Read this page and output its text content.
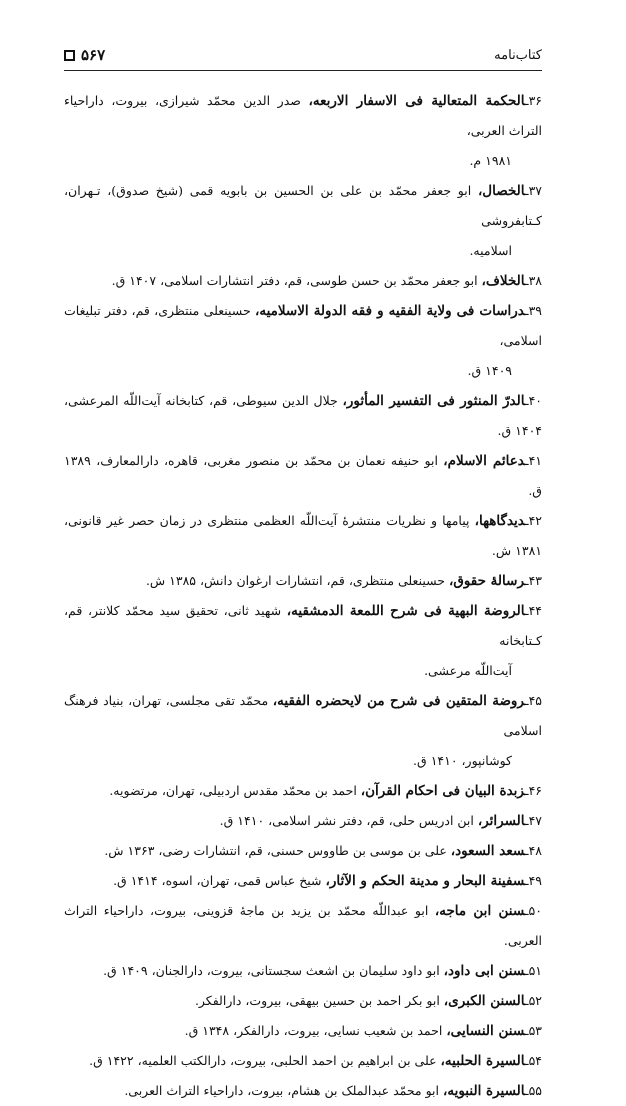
کتاب‌نامه
۵۶۷
۳۶ـالحکمة المتعالیة فی الاسفار الاربعه، صدر الدین محمّد شیرازی، بیروت، داراحیاء التراث العربی،
۱۹۸۱ م.
۳۷ـالخصال، ابو جعفر محمّد بن علی بن الحسین بن بابویه قمی (شیخ صدوق)، تـهران، کـتابفروشی
اسلامیه.
۳۸ـالخلاف، ابو جعفر محمّد بن حسن طوسی، قم، دفتر انتشارات اسلامی، ۱۴۰۷ ق.
۳۹ـدراسات فی ولایة الفقیه و فقه الدولة الاسلامیه، حسینعلی منتظری، قم، دفتر تبلیغات اسلامی،
۱۴۰۹ ق.
۴۰ـالدرّ المنثور فی التفسیر المأثور، جلال الدین سیوطی، قم، کتابخانه آیت‌اللّه المرعشی، ۱۴۰۴ ق.
۴۱ـدعائم الاسلام، ابو حنیفه نعمان بن محمّد بن منصور مغربی، قاهره، دارالمعارف، ۱۳۸۹ ق.
۴۲ـدیدگاهها، پیامها و نظریات منتشرهٔ آیت‌اللّه العظمی منتظری در زمان حصر غیر قانونی، ۱۳۸۱ ش.
۴۳ـرسالهٔ حقوق، حسینعلی منتظری، قم، انتشارات ارغوان دانش، ۱۳۸۵ ش.
۴۴ـالروضة البهیة فی شرح اللمعة الدمشقیه، شهید ثانی، تحقیق سید محمّد کلانتر، قم، کـتابخانه
آیت‌اللّه مرعشی.
۴۵ـروضة المتقین فی شرح من لایحضره الفقیه، محمّد تقی مجلسی، تهران، بنیاد فرهنگ اسلامی
کوشانپور، ۱۴۱۰ ق.
۴۶ـزبدة البیان فی احکام القرآن، احمد بن محمّد مقدس اردبیلی، تهران، مرتضویه.
۴۷ـالسرائر، ابن ادریس حلی، قم، دفتر نشر اسلامی، ۱۴۱۰ ق.
۴۸ـسعد السعود، علی بن موسی بن طاووس حسنی، قم، انتشارات رضی، ۱۳۶۳ ش.
۴۹ـسفینة البحار و مدینة الحکم و الآثار، شیخ عباس قمی، تهران، اسوه، ۱۴۱۴ ق.
۵۰ـسنن ابن ماجه، ابو عبداللّه محمّد بن یزید بن ماجهٔ قزوینی، بیروت، داراحیاء التراث العربی.
۵۱ـسنن ابی داود، ابو داود سلیمان بن اشعث سجستانی، بیروت، دارالجنان، ۱۴۰۹ ق.
۵۲ـالسنن الکبری، ابو بکر احمد بن حسین بیهقی، بیروت، دارالفکر.
۵۳ـسنن النسایی، احمد بن شعیب نسایی، بیروت، دارالفکر، ۱۳۴۸ ق.
۵۴ـالسیرة الحلبیه، علی بن ابراهیم بن احمد الحلبی، بیروت، دارالکتب العلمیه، ۱۴۲۲ ق.
۵۵ـالسیرة النبویه، ابو محمّد عبدالملک بن هشام، بیروت، داراحیاء التراث العربی.
